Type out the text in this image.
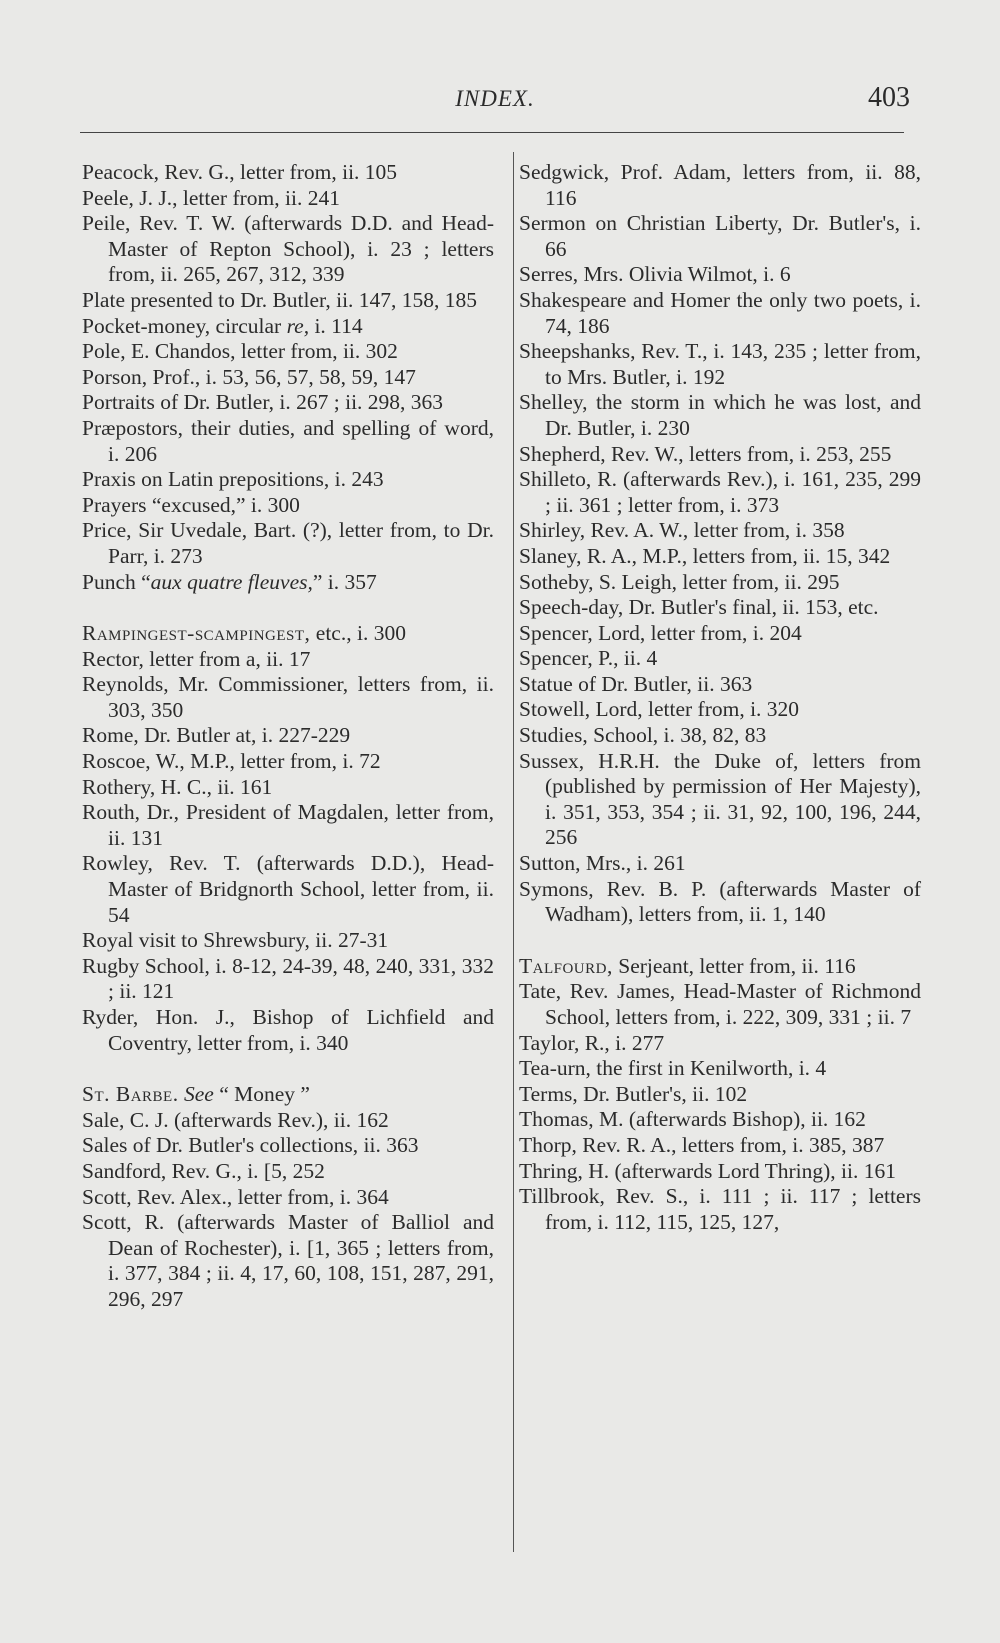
INDEX.	403
Peacock, Rev. G., letter from, ii. 105
Peele, J. J., letter from, ii. 241
Peile, Rev. T. W. (afterwards D.D. and Head-Master of Repton School), i. 23 ; letters from, ii. 265, 267, 312, 339
Plate presented to Dr. Butler, ii. 147, 158, 185
Pocket-money, circular re, i. 114
Pole, E. Chandos, letter from, ii. 302
Porson, Prof., i. 53, 56, 57, 58, 59, 147
Portraits of Dr. Butler, i. 267 ; ii. 298, 363
Præpostors, their duties, and spelling of word, i. 206
Praxis on Latin prepositions, i. 243
Prayers “excused,” i. 300
Price, Sir Uvedale, Bart. (?), letter from, to Dr. Parr, i. 273
Punch “aux quatre fleuves,” i. 357
Rampingest-scampingest, etc., i. 300
Rector, letter from a, ii. 17
Reynolds, Mr. Commissioner, letters from, ii. 303, 350
Rome, Dr. Butler at, i. 227-229
Roscoe, W., M.P., letter from, i. 72
Rothery, H. C., ii. 161
Routh, Dr., President of Magdalen, letter from, ii. 131
Rowley, Rev. T. (afterwards D.D.), Head-Master of Bridgnorth School, letter from, ii. 54
Royal visit to Shrewsbury, ii. 27-31
Rugby School, i. 8-12, 24-39, 48, 240, 331, 332 ; ii. 121
Ryder, Hon. J., Bishop of Lichfield and Coventry, letter from, i. 340
St. Barbe. See “ Money ”
Sale, C. J. (afterwards Rev.), ii. 162
Sales of Dr. Butler's collections, ii. 363
Sandford, Rev. G., i. [5, 252
Scott, Rev. Alex., letter from, i. 364
Scott, R. (afterwards Master of Balliol and Dean of Rochester), i. [1, 365 ; letters from, i. 377, 384 ; ii. 4, 17, 60, 108, 151, 287, 291, 296, 297
Sedgwick, Prof. Adam, letters from, ii. 88, 116
Sermon on Christian Liberty, Dr. Butler's, i. 66
Serres, Mrs. Olivia Wilmot, i. 6
Shakespeare and Homer the only two poets, i. 74, 186
Sheepshanks, Rev. T., i. 143, 235 ; letter from, to Mrs. Butler, i. 192
Shelley, the storm in which he was lost, and Dr. Butler, i. 230
Shepherd, Rev. W., letters from, i. 253, 255
Shilleto, R. (afterwards Rev.), i. 161, 235, 299 ; ii. 361 ; letter from, i. 373
Shirley, Rev. A. W., letter from, i. 358
Slaney, R. A., M.P., letters from, ii. 15, 342
Sotheby, S. Leigh, letter from, ii. 295
Speech-day, Dr. Butler's final, ii. 153, etc.
Spencer, Lord, letter from, i. 204
Spencer, P., ii. 4
Statue of Dr. Butler, ii. 363
Stowell, Lord, letter from, i. 320
Studies, School, i. 38, 82, 83
Sussex, H.R.H. the Duke of, letters from (published by permission of Her Majesty), i. 351, 353, 354 ; ii. 31, 92, 100, 196, 244, 256
Sutton, Mrs., i. 261
Symons, Rev. B. P. (afterwards Master of Wadham), letters from, ii. 1, 140
Talfourd, Serjeant, letter from, ii. 116
Tate, Rev. James, Head-Master of Richmond School, letters from, i. 222, 309, 331 ; ii. 7
Taylor, R., i. 277
Tea-urn, the first in Kenilworth, i. 4
Terms, Dr. Butler's, ii. 102
Thomas, M. (afterwards Bishop), ii. 162
Thorp, Rev. R. A., letters from, i. 385, 387
Thring, H. (afterwards Lord Thring), ii. 161
Tillbrook, Rev. S., i. 111 ; ii. 117 ; letters from, i. 112, 115, 125, 127,
